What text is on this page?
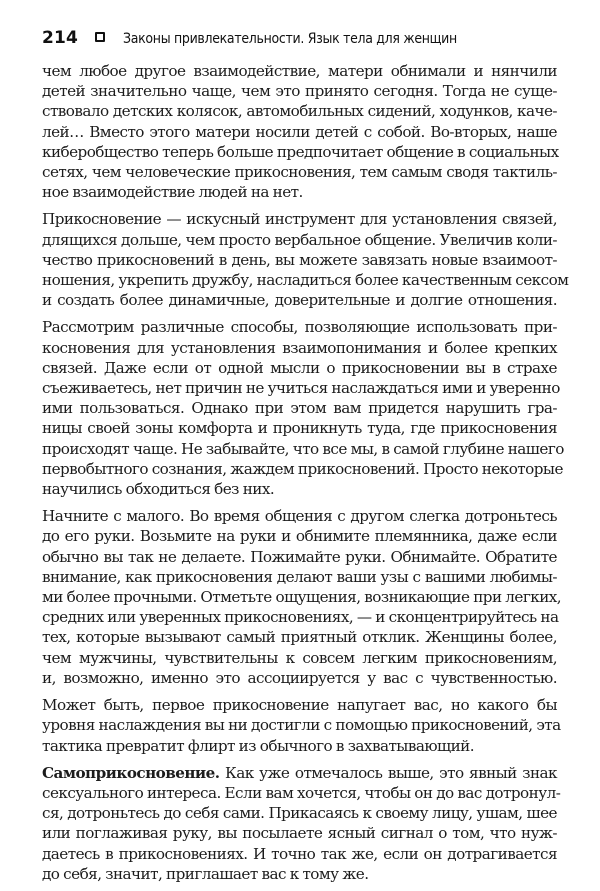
214	Законы привлекательности. Язык тела для женщин
чем любое другое взаимодействие, матери обнимали и нянчили
детей значительно чаще, чем это принято сегодня. Тогда не суще-
ствовало детских колясок, автомобильных сидений, ходунков, каче-
лей… Вместо этого матери носили детей с собой. Во-вторых, наше
киберобщество теперь больше предпочитает общение в социальных
сетях, чем человеческие прикосновения, тем самым сводя тактиль-
ное взаимодействие людей на нет.
Прикосновение — искусный инструмент для установления связей,
длящихся дольше, чем просто вербальное общение. Увеличив коли-
чество прикосновений в день, вы можете завязать новые взаимоот-
ношения, укрепить дружбу, насладиться более качественным сексом
и создать более динамичные, доверительные и долгие отношения.
Рассмотрим различные способы, позволяющие использовать при-
косновения для установления взаимопонимания и более крепких
связей. Даже если от одной мысли о прикосновении вы в страхе
съеживаетесь, нет причин не учиться наслаждаться ими и уверенно
ими пользоваться. Однако при этом вам придется нарушить гра-
ницы своей зоны комфорта и проникнуть туда, где прикосновения
происходят чаще. Не забывайте, что все мы, в самой глубине нашего
первобытного сознания, жаждем прикосновений. Просто некоторые
научились обходиться без них.
Начните с малого. Во время общения с другом слегка дотроньтесь
до его руки. Возьмите на руки и обнимите племянника, даже если
обычно вы так не делаете. Пожимайте руки. Обнимайте. Обратите
внимание, как прикосновения делают ваши узы с вашими любимы-
ми более прочными. Отметьте ощущения, возникающие при легких,
средних или уверенных прикосновениях, — и сконцентрируйтесь на
тех, которые вызывают самый приятный отклик. Женщины более,
чем мужчины, чувствительны к совсем легким прикосновениям,
и, возможно, именно это ассоциируется у вас с чувственностью.
Может быть, первое прикосновение напугает вас, но какого бы
уровня наслаждения вы ни достигли с помощью прикосновений, эта
тактика превратит флирт из обычного в захватывающий.
Самоприкосновение. Как уже отмечалось выше, это явный знак
сексуального интереса. Если вам хочется, чтобы он до вас дотронул-
ся, дотроньтесь до себя сами. Прикасаясь к своему лицу, ушам, шее
или поглаживая руку, вы посылаете ясный сигнал о том, что нуж-
даетесь в прикосновениях. И точно так же, если он дотрагивается
до себя, значит, приглашает вас к тому же.
